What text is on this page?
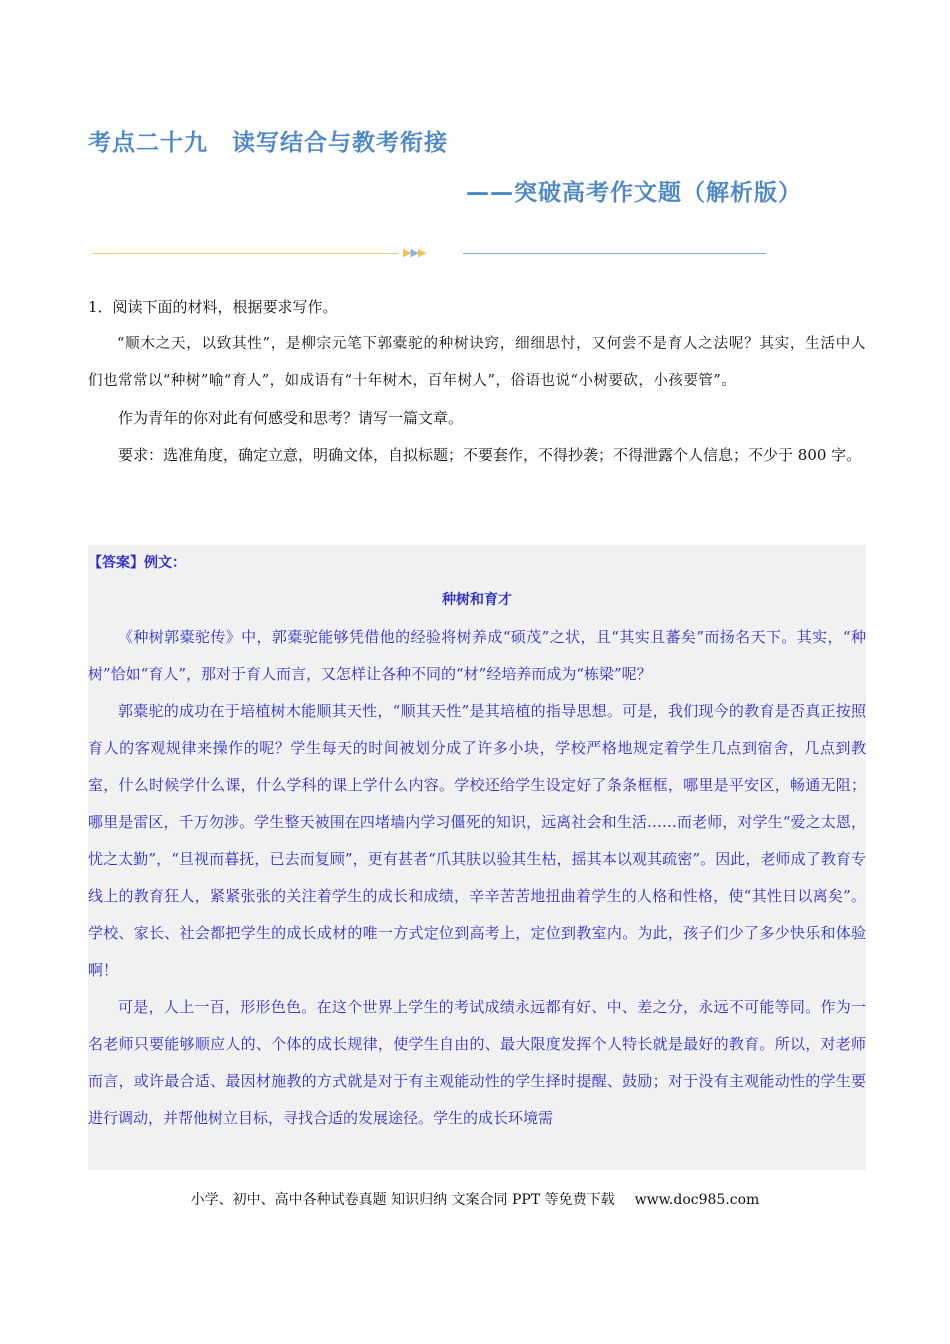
考点二十九　读写结合与教考衔接
——突破高考作文题（解析版）
▶▶▶

1．阅读下面的材料，根据要求写作。

“顺木之天，以致其性”，是柳宗元笔下郭橐驼的种树诀窍，细细思忖，又何尝不是育人之法呢？其实，生活中人们也常常以“种树”喻“育人”，如成语有“十年树木，百年树人”，俗语也说“小树要砍，小孩要管”。

作为青年的你对此有何感受和思考？请写一篇文章。

要求：选准角度，确定立意，明确文体，自拟标题；不要套作，不得抄袭；不得泄露个人信息；不少于 800 字。

【答案】例文：
种树和育才

《种树郭橐驼传》中，郭橐驼能够凭借他的经验将树养成“硕茂”之状，且“其实且蕃矣”而扬名天下。其实，“种树”恰如“育人”，那对于育人而言，又怎样让各种不同的“材”经培养而成为“栋梁”呢？

郭橐驼的成功在于培植树木能顺其天性，“顺其天性”是其培植的指导思想。可是，我们现今的教育是否真正按照育人的客观规律来操作的呢？学生每天的时间被划分成了许多小块，学校严格地规定着学生几点到宿舍，几点到教室，什么时候学什么课，什么学科的课上学什么内容。学校还给学生设定好了条条框框，哪里是平安区，畅通无阻；哪里是雷区，千万勿涉。学生整天被围在四堵墙内学习僵死的知识，远离社会和生活……而老师，对学生“爱之太恩，忧之太勤”，“旦视而暮抚，已去而复顾”，更有甚者“爪其肤以验其生枯，摇其本以观其疏密”。因此，老师成了教育专线上的教育狂人，紧紧张张的关注着学生的成长和成绩，辛辛苦苦地扭曲着学生的人格和性格，使“其性日以离矣”。学校、家长、社会都把学生的成长成材的唯一方式定位到高考上，定位到教室内。为此，孩子们少了多少快乐和体验啊！

可是，人上一百，形形色色。在这个世界上学生的考试成绩永远都有好、中、差之分，永远不可能等同。作为一名老师只要能够顺应人的、个体的成长规律，使学生自由的、最大限度发挥个人特长就是最好的教育。所以，对老师而言，或许最合适、最因材施教的方式就是对于有主观能动性的学生择时提醒、鼓励；对于没有主观能动性的学生要进行调动，并帮他树立目标，寻找合适的发展途径。学生的成长环境需

小学、初中、高中各种试卷真题 知识归纳 文案合同 PPT 等免费下载 www.doc985.com
